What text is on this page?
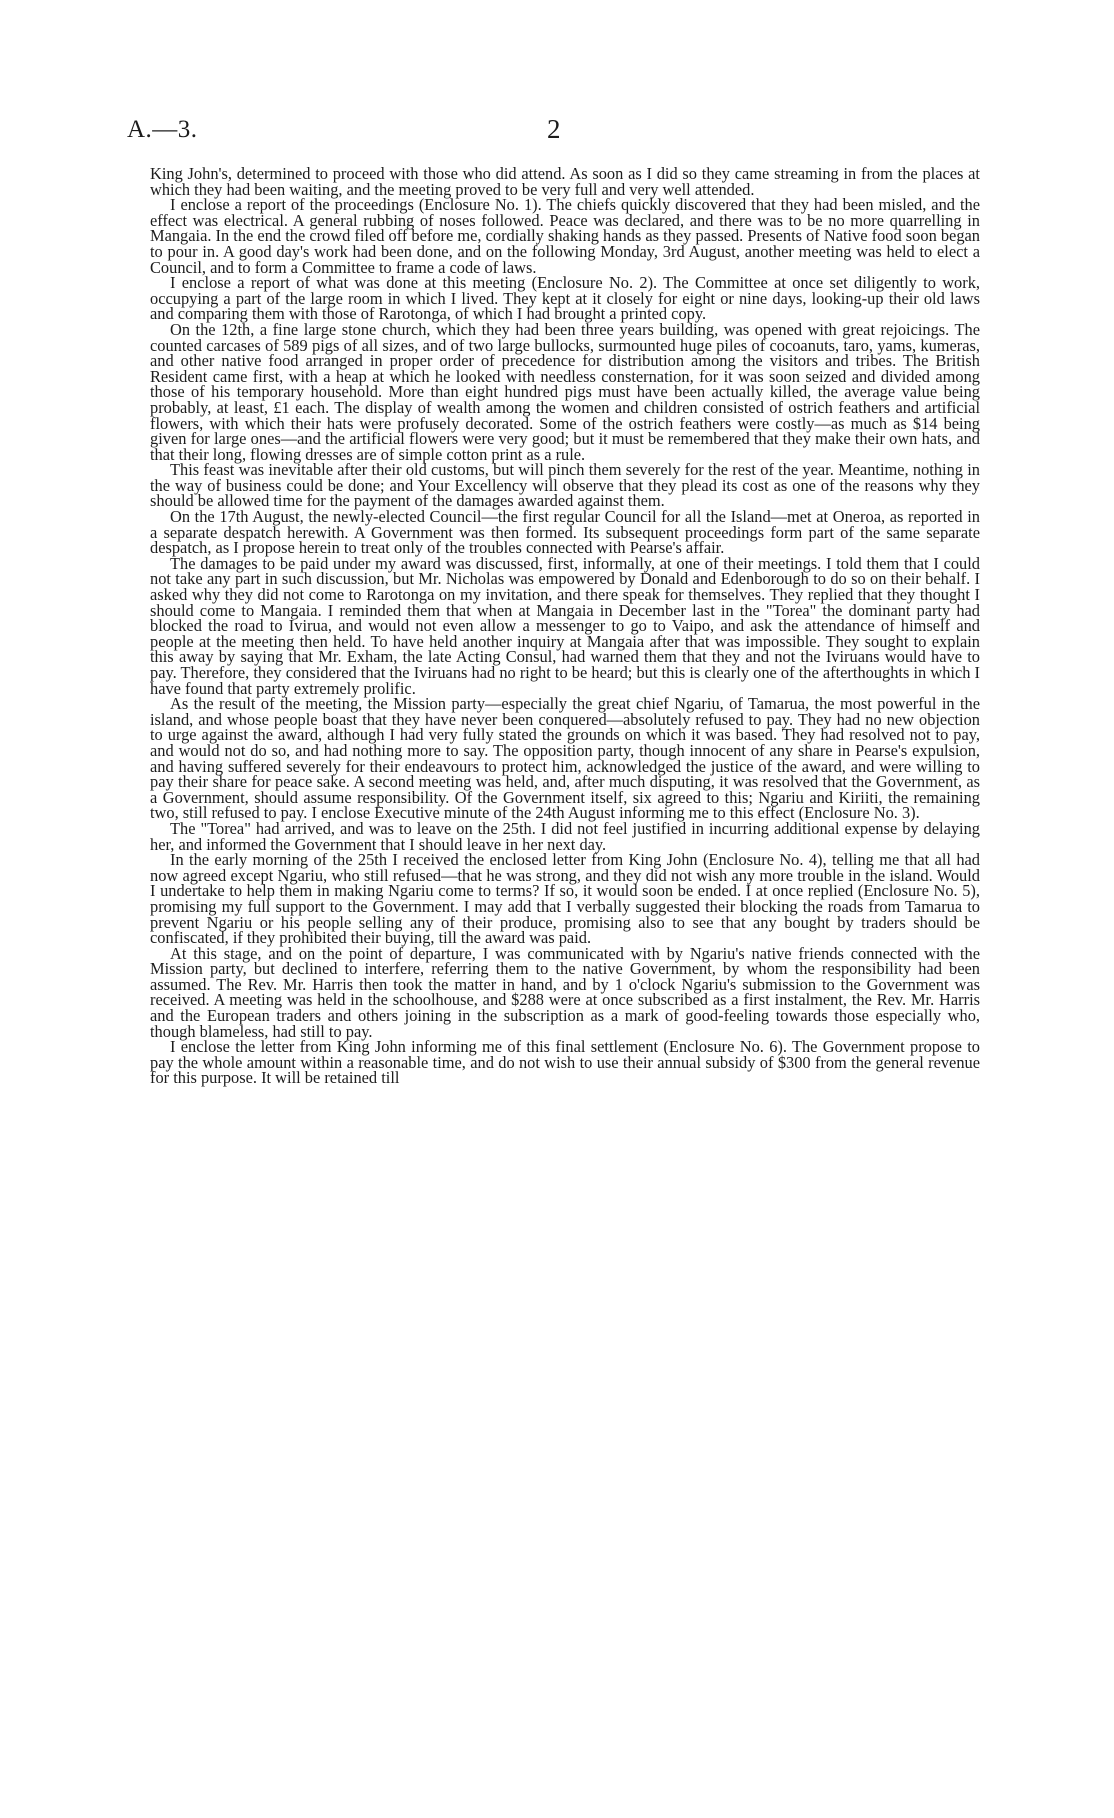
A.—3.	2

King John's, determined to proceed with those who did attend. As soon as I did so they came streaming in from the places at which they had been waiting, and the meeting proved to be very full and very well attended.

I enclose a report of the proceedings (Enclosure No. 1). The chiefs quickly discovered that they had been misled, and the effect was electrical. A general rubbing of noses followed. Peace was declared, and there was to be no more quarrelling in Mangaia. In the end the crowd filed off before me, cordially shaking hands as they passed. Presents of Native food soon began to pour in. A good day's work had been done, and on the following Monday, 3rd August, another meeting was held to elect a Council, and to form a Committee to frame a code of laws.

I enclose a report of what was done at this meeting (Enclosure No. 2). The Committee at once set diligently to work, occupying a part of the large room in which I lived. They kept at it closely for eight or nine days, looking-up their old laws and comparing them with those of Rarotonga, of which I had brought a printed copy.

On the 12th, a fine large stone church, which they had been three years building, was opened with great rejoicings. The counted carcases of 589 pigs of all sizes, and of two large bullocks, surmounted huge piles of cocoanuts, taro, yams, kumeras, and other native food arranged in proper order of precedence for distribution among the visitors and tribes. The British Resident came first, with a heap at which he looked with needless consternation, for it was soon seized and divided among those of his temporary household. More than eight hundred pigs must have been actually killed, the average value being probably, at least, £1 each. The display of wealth among the women and children consisted of ostrich feathers and artificial flowers, with which their hats were profusely decorated. Some of the ostrich feathers were costly—as much as $14 being given for large ones—and the artificial flowers were very good; but it must be remembered that they make their own hats, and that their long, flowing dresses are of simple cotton print as a rule.

This feast was inevitable after their old customs, but will pinch them severely for the rest of the year. Meantime, nothing in the way of business could be done; and Your Excellency will observe that they plead its cost as one of the reasons why they should be allowed time for the payment of the damages awarded against them.

On the 17th August, the newly-elected Council—the first regular Council for all the Island—met at Oneroa, as reported in a separate despatch herewith. A Government was then formed. Its subsequent proceedings form part of the same separate despatch, as I propose herein to treat only of the troubles connected with Pearse's affair.

The damages to be paid under my award was discussed, first, informally, at one of their meetings. I told them that I could not take any part in such discussion, but Mr. Nicholas was empowered by Donald and Edenborough to do so on their behalf. I asked why they did not come to Rarotonga on my invitation, and there speak for themselves. They replied that they thought I should come to Mangaia. I reminded them that when at Mangaia in December last in the "Torea" the dominant party had blocked the road to Ivirua, and would not even allow a messenger to go to Vaipo, and ask the attendance of himself and people at the meeting then held. To have held another inquiry at Mangaia after that was impossible. They sought to explain this away by saying that Mr. Exham, the late Acting Consul, had warned them that they and not the Iviruans would have to pay. Therefore, they considered that the Iviruans had no right to be heard; but this is clearly one of the afterthoughts in which I have found that party extremely prolific.

As the result of the meeting, the Mission party—especially the great chief Ngariu, of Tamarua, the most powerful in the island, and whose people boast that they have never been conquered—absolutely refused to pay. They had no new objection to urge against the award, although I had very fully stated the grounds on which it was based. They had resolved not to pay, and would not do so, and had nothing more to say. The opposition party, though innocent of any share in Pearse's expulsion, and having suffered severely for their endeavours to protect him, acknowledged the justice of the award, and were willing to pay their share for peace sake. A second meeting was held, and, after much disputing, it was resolved that the Government, as a Government, should assume responsibility. Of the Government itself, six agreed to this; Ngariu and Kiriiti, the remaining two, still refused to pay. I enclose Executive minute of the 24th August informing me to this effect (Enclosure No. 3).

The "Torea" had arrived, and was to leave on the 25th. I did not feel justified in incurring additional expense by delaying her, and informed the Government that I should leave in her next day.

In the early morning of the 25th I received the enclosed letter from King John (Enclosure No. 4), telling me that all had now agreed except Ngariu, who still refused—that he was strong, and they did not wish any more trouble in the island. Would I undertake to help them in making Ngariu come to terms? If so, it would soon be ended. I at once replied (Enclosure No. 5), promising my full support to the Government. I may add that I verbally suggested their blocking the roads from Tamarua to prevent Ngariu or his people selling any of their produce, promising also to see that any bought by traders should be confiscated, if they prohibited their buying, till the award was paid.

At this stage, and on the point of departure, I was communicated with by Ngariu's native friends connected with the Mission party, but declined to interfere, referring them to the native Government, by whom the responsibility had been assumed. The Rev. Mr. Harris then took the matter in hand, and by 1 o'clock Ngariu's submission to the Government was received. A meeting was held in the schoolhouse, and $288 were at once subscribed as a first instalment, the Rev. Mr. Harris and the European traders and others joining in the subscription as a mark of good-feeling towards those especially who, though blameless, had still to pay.

I enclose the letter from King John informing me of this final settlement (Enclosure No. 6). The Government propose to pay the whole amount within a reasonable time, and do not wish to use their annual subsidy of $300 from the general revenue for this purpose. It will be retained till
